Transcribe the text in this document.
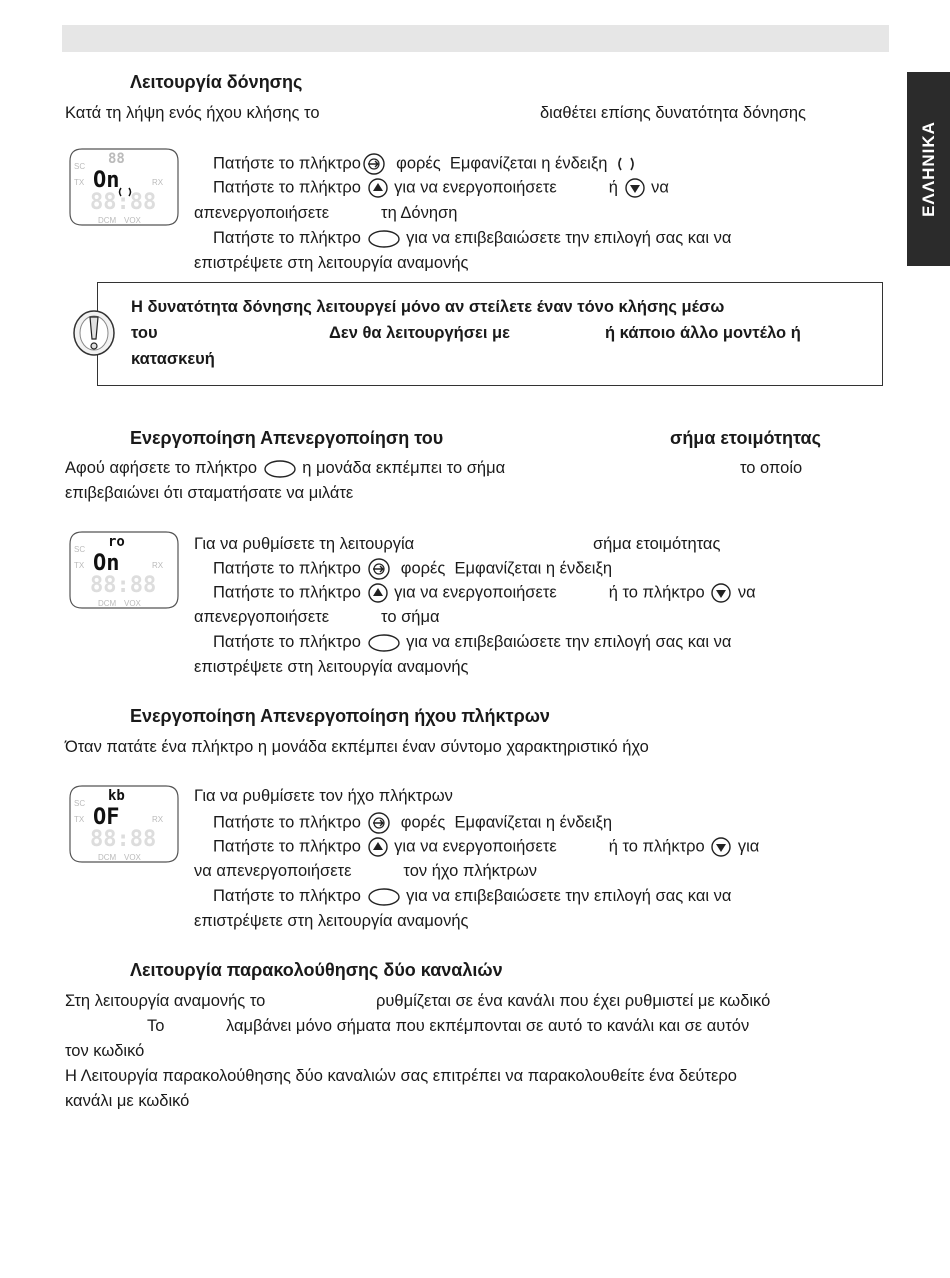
ΕΛΛΗΝΙΚΑ
Λειτουργία δόνησης
Κατά τη λήψη ενός ήχου κλήσης το	διαθέτει επίσης δυνατότητα δόνησης
88
On
SC
TX	RX
88:88
DCM VOX
Πατήστε το πλήκτρο φορές Εμφανίζεται η ένδειξη
Πατήστε το πλήκτρο για να ενεργοποιήσετε	ή να
απενεργοποιήσετε	τη Δόνηση
Πατήστε το πλήκτρο	για να επιβεβαιώσετε την επιλογή σας και να
επιστρέψετε στη λειτουργία αναμονής
Η δυνατότητα δόνησης λειτουργεί μόνο αν στείλετε έναν τόνο κλήσης μέσω
του	Δεν θα λειτουργήσει με	ή κάποιο άλλο μοντέλο ή
κατασκευή
Ενεργοποίηση Απενεργοποίηση του	σήμα ετοιμότητας
Αφού αφήσετε το πλήκτρο	η μονάδα εκπέμπει το σήμα	το οποίο
επιβεβαιώνει ότι σταματήσατε να μιλάτε
ro
On
SC
TX	RX
88:88
DCM VOX
Για να ρυθμίσετε τη λειτουργία	σήμα ετοιμότητας
Πατήστε το πλήκτρο φορές Εμφανίζεται η ένδειξη
Πατήστε το πλήκτρο για να ενεργοποιήσετε	ή το πλήκτρο να
απενεργοποιήσετε	το σήμα
Πατήστε το πλήκτρο	για να επιβεβαιώσετε την επιλογή σας και να
επιστρέψετε στη λειτουργία αναμονής
Ενεργοποίηση Απενεργοποίηση ήχου πλήκτρων
Όταν πατάτε ένα πλήκτρο η μονάδα εκπέμπει έναν σύντομο χαρακτηριστικό ήχο
kb
OF
SC
TX	RX
88:88
DCM VOX
Για να ρυθμίσετε τον ήχο πλήκτρων
Πατήστε το πλήκτρο φορές Εμφανίζεται η ένδειξη
Πατήστε το πλήκτρο για να ενεργοποιήσετε	ή το πλήκτρο για
να απενεργοποιήσετε	τον ήχο πλήκτρων
Πατήστε το πλήκτρο	για να επιβεβαιώσετε την επιλογή σας και να
επιστρέψετε στη λειτουργία αναμονής
Λειτουργία παρακολούθησης δύο καναλιών
Στη λειτουργία αναμονής το	ρυθμίζεται σε ένα κανάλι που έχει ρυθμιστεί με κωδικό
Το	λαμβάνει μόνο σήματα που εκπέμπονται σε αυτό το κανάλι και σε αυτόν
τον κωδικό
Η Λειτουργία παρακολούθησης δύο καναλιών σας επιτρέπει να παρακολουθείτε ένα δεύτερο
κανάλι με κωδικό
